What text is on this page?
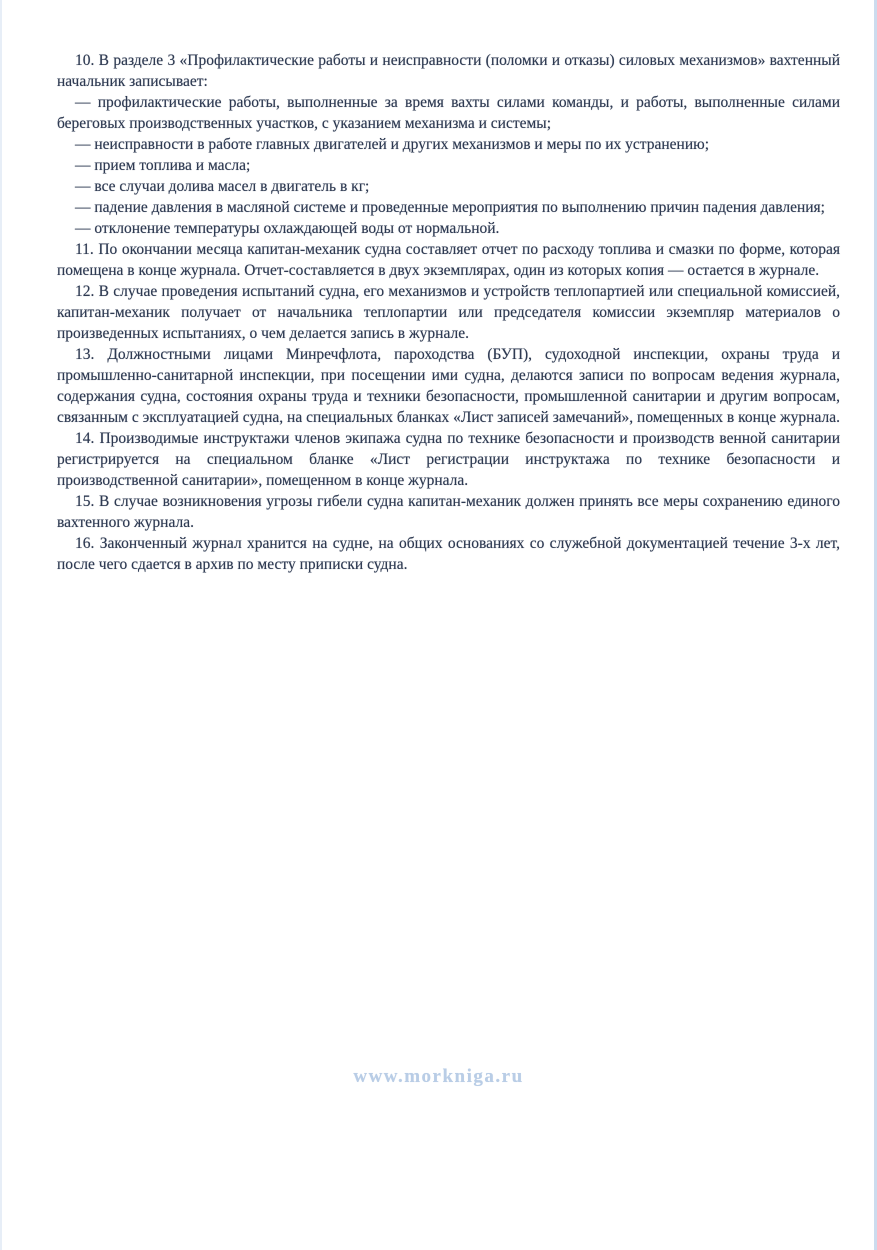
10. В разделе 3 «Профилактические работы и неисправности (поломки и отказы) силовых механизмов» вахтенный начальник записывает:

— профилактические работы, выполненные за время вахты силами команды, и работы, выполненные силами береговых производственных участков, с указанием механизма и системы;

— неисправности в работе главных двигателей и других механизмов и меры по их устранению;

— прием топлива и масла;

— все случаи долива масел в двигатель в кг;

— падение давления в масляной системе и проведенные мероприятия по выполнению причин падения давления;

— отклонение температуры охлаждающей воды от нормальной.

11. По окончании месяца капитан-механик судна составляет отчет по расходу топлива и смазки по форме, которая помещена в конце журнала. Отчет-составляется в двух экземплярах, один из которых копия — остается в журнале.

12. В случае проведения испытаний судна, его механизмов и устройств теплопартией или специальной комиссией, капитан-механик получает от начальника теплопартии или председателя комиссии экземпляр материалов о произведенных испытаниях, о чем делается запись в журнале.

13. Должностными лицами Минречфлота, пароходства (БУП), судоходной инспекции, охраны труда и промышленно-санитарной инспекции, при посещении ими судна, делаются записи по вопросам ведения журнала, содержания судна, состояния охраны труда и техники безопасности, промышленной санитарии и другим вопросам, связанным с эксплуатацией судна, на специальных бланках «Лист записей замечаний», помещенных в конце журнала.

14. Производимые инструктажи членов экипажа судна по технике безопасности и производств венной санитарии регистрируется на специальном бланке «Лист регистрации инструктажа по технике безопасности и производственной санитарии», помещенном в конце журнала.

15. В случае возникновения угрозы гибели судна капитан-механик должен принять все меры сохранению единого вахтенного журнала.

16. Законченный журнал хранится на судне, на общих основаниях со служебной документацией течение 3-х лет, после чего сдается в архив по месту приписки судна.

www.morkniga.ru
